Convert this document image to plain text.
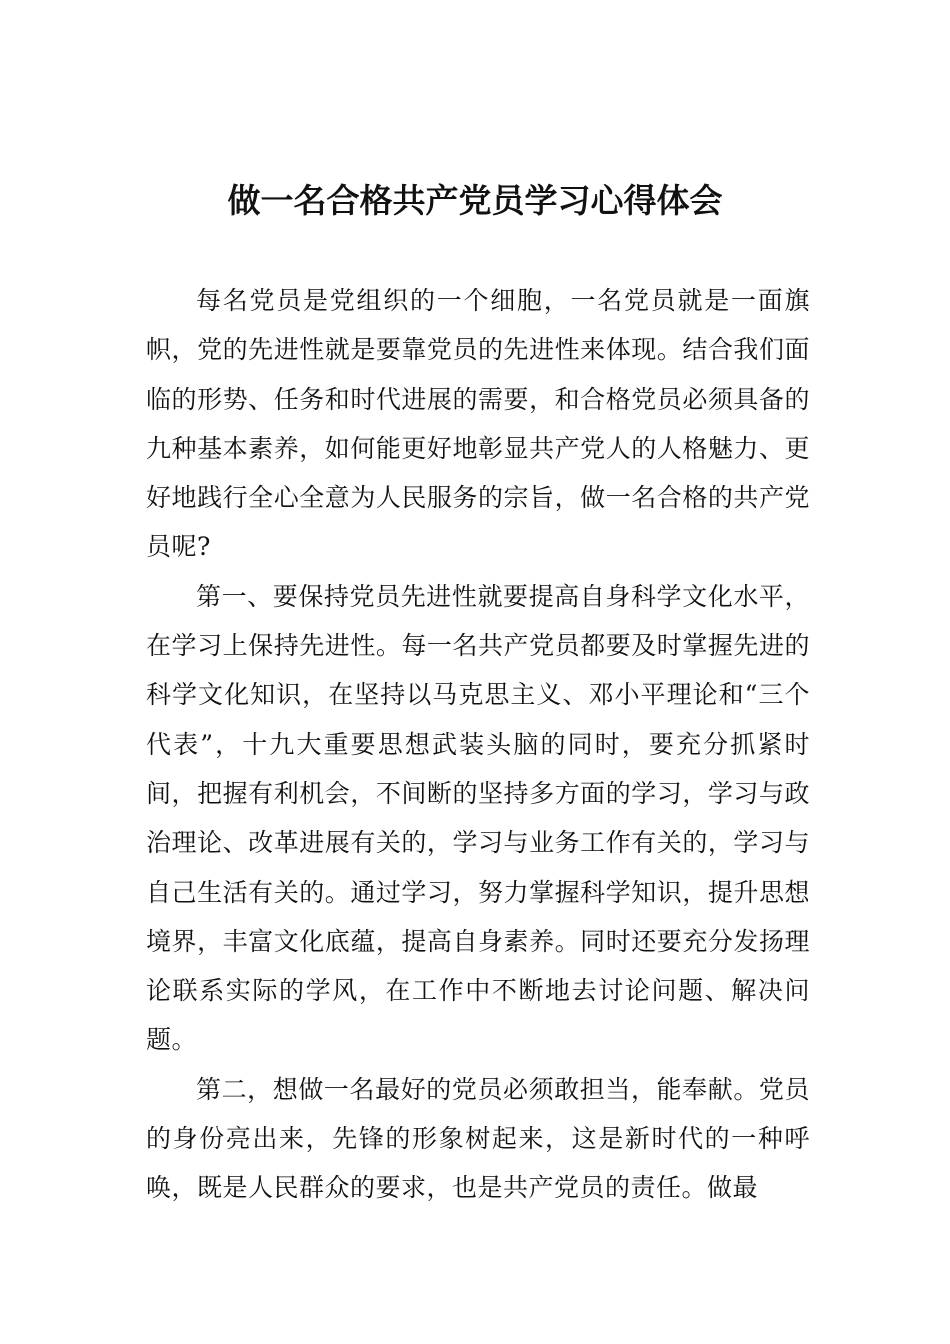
做一名合格共产党员学习心得体会

每名党员是党组织的一个细胞，一名党员就是一面旗帜，党的先进性就是要靠党员的先进性来体现。结合我们面临的形势、任务和时代进展的需要，和合格党员必须具备的九种基本素养，如何能更好地彰显共产党人的人格魅力、更好地践行全心全意为人民服务的宗旨，做一名合格的共产党员呢?

第一、要保持党员先进性就要提高自身科学文化水平，在学习上保持先进性。每一名共产党员都要及时掌握先进的科学文化知识，在坚持以马克思主义、邓小平理论和“三个代表”，十九大重要思想武装头脑的同时，要充分抓紧时间，把握有利机会，不间断的坚持多方面的学习，学习与政治理论、改革进展有关的，学习与业务工作有关的，学习与自己生活有关的。通过学习，努力掌握科学知识，提升思想境界，丰富文化底蕴，提高自身素养。同时还要充分发扬理论联系实际的学风，在工作中不断地去讨论问题、解决问题。

第二，想做一名最好的党员必须敢担当，能奉献。党员的身份亮出来，先锋的形象树起来，这是新时代的一种呼唤，既是人民群众的要求，也是共产党员的责任。做最
